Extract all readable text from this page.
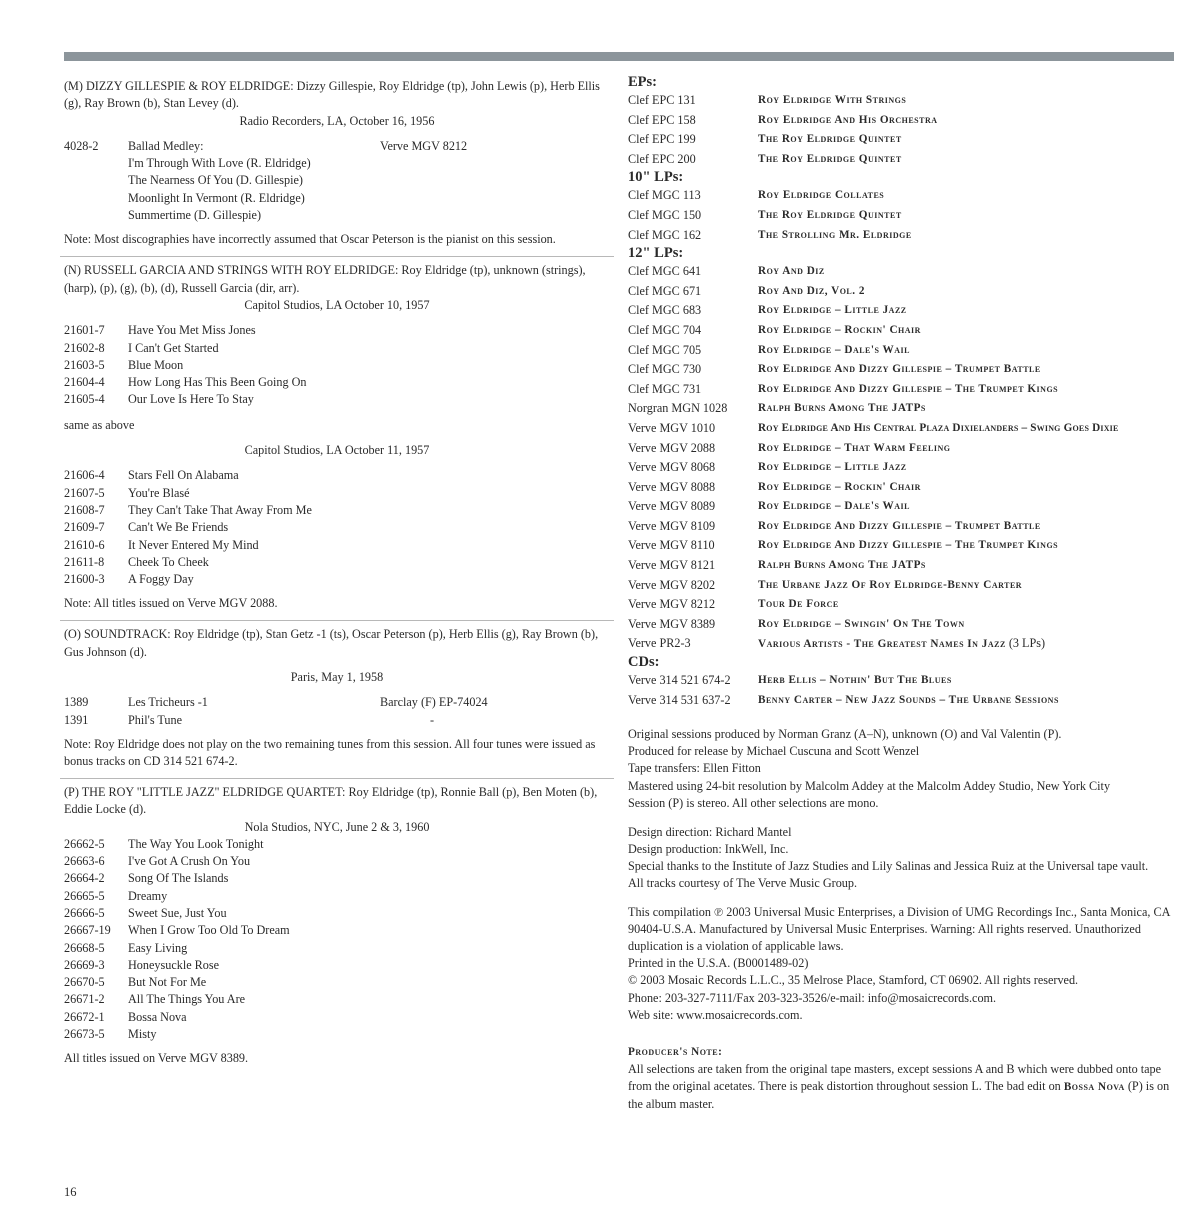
(M) DIZZY GILLESPIE & ROY ELDRIDGE: Dizzy Gillespie, Roy Eldridge (tp), John Lewis (p), Herb Ellis (g), Ray Brown (b), Stan Levey (d).
Radio Recorders, LA, October 16, 1956
4028-2 Ballad Medley:	Verve MGV 8212
I'm Through With Love (R. Eldridge)
The Nearness Of You (D. Gillespie)
Moonlight In Vermont (R. Eldridge)
Summertime (D. Gillespie)
Note: Most discographies have incorrectly assumed that Oscar Peterson is the pianist on this session.
(N) RUSSELL GARCIA AND STRINGS WITH ROY ELDRIDGE: Roy Eldridge (tp), unknown (strings), (harp), (p), (g), (b), (d), Russell Garcia (dir, arr).
Capitol Studios, LA October 10, 1957
21601-7 Have You Met Miss Jones
21602-8 I Can't Get Started
21603-5 Blue Moon
21604-4 How Long Has This Been Going On
21605-4 Our Love Is Here To Stay
same as above
Capitol Studios, LA October 11, 1957
21606-4 Stars Fell On Alabama
21607-5 You're Blasé
21608-7 They Can't Take That Away From Me
21609-7 Can't We Be Friends
21610-6 It Never Entered My Mind
21611-8 Cheek To Cheek
21600-3 A Foggy Day
Note: All titles issued on Verve MGV 2088.
(O) SOUNDTRACK: Roy Eldridge (tp), Stan Getz -1 (ts), Oscar Peterson (p), Herb Ellis (g), Ray Brown (b), Gus Johnson (d).
Paris, May 1, 1958
1389	Les Tricheurs -1	Barclay (F) EP-74024
1391	Phil's Tune	-
Note: Roy Eldridge does not play on the two remaining tunes from this session. All four tunes were issued as bonus tracks on CD 314 521 674-2.
(P) THE ROY "LITTLE JAZZ" ELDRIDGE QUARTET: Roy Eldridge (tp), Ronnie Ball (p), Ben Moten (b), Eddie Locke (d).
Nola Studios, NYC, June 2 & 3, 1960
26662-5 The Way You Look Tonight
26663-6 I've Got A Crush On You
26664-2 Song Of The Islands
26665-5 Dreamy
26666-5 Sweet Sue, Just You
26667-19 When I Grow Too Old To Dream
26668-5 Easy Living
26669-3 Honeysuckle Rose
26670-5 But Not For Me
26671-2 All The Things You Are
26672-1 Bossa Nova
26673-5 Misty
All titles issued on Verve MGV 8389.
EPs:
Clef EPC 131	Roy Eldridge With Strings
Clef EPC 158	Roy Eldridge And His Orchestra
Clef EPC 199	The Roy Eldridge Quintet
Clef EPC 200	The Roy Eldridge Quintet
10" LPs:
Clef MGC 113	Roy Eldridge Collates
Clef MGC 150	The Roy Eldridge Quintet
Clef MGC 162	The Strolling Mr. Eldridge
12" LPs:
Clef MGC 641	Roy And Diz
Clef MGC 671	Roy And Diz, Vol. 2
Clef MGC 683	Roy Eldridge – Little Jazz
Clef MGC 704	Roy Eldridge – Rockin' Chair
Clef MGC 705	Roy Eldridge – Dale's Wail
Clef MGC 730	Roy Eldridge And Dizzy Gillespie – Trumpet Battle
Clef MGC 731	Roy Eldridge And Dizzy Gillespie – The Trumpet Kings
Norgran MGN 1028	Ralph Burns Among The JATPs
Verve MGV 1010	Roy Eldridge And His Central Plaza Dixielanders – Swing Goes Dixie
Verve MGV 2088	Roy Eldridge – That Warm Feeling
Verve MGV 8068	Roy Eldridge – Little Jazz
Verve MGV 8088	Roy Eldridge – Rockin' Chair
Verve MGV 8089	Roy Eldridge – Dale's Wail
Verve MGV 8109	Roy Eldridge And Dizzy Gillespie – Trumpet Battle
Verve MGV 8110	Roy Eldridge And Dizzy Gillespie – The Trumpet Kings
Verve MGV 8121	Ralph Burns Among The JATPs
Verve MGV 8202	The Urbane Jazz Of Roy Eldridge-Benny Carter
Verve MGV 8212	Tour De Force
Verve MGV 8389	Roy Eldridge – Swingin' On The Town
Verve PR2-3	Various Artists - The Greatest Names In Jazz (3 LPs)
CDs:
Verve 314 521 674-2 Herb Ellis – Nothin' But The Blues
Verve 314 531 637-2 Benny Carter – New Jazz Sounds – The Urbane Sessions
Original sessions produced by Norman Granz (A–N), unknown (O) and Val Valentin (P).
Produced for release by Michael Cuscuna and Scott Wenzel
Tape transfers: Ellen Fitton
Mastered using 24-bit resolution by Malcolm Addey at the Malcolm Addey Studio, New York City
Session (P) is stereo. All other selections are mono.
Design direction: Richard Mantel
Design production: InkWell, Inc.
Special thanks to the Institute of Jazz Studies and Lily Salinas and Jessica Ruiz at the Universal tape vault.
All tracks courtesy of The Verve Music Group.
This compilation ℗ 2003 Universal Music Enterprises, a Division of UMG Recordings Inc., Santa Monica, CA 90404-U.S.A. Manufactured by Universal Music Enterprises. Warning: All rights reserved. Unauthorized duplication is a violation of applicable laws.
Printed in the U.S.A. (B0001489-02)
© 2003 Mosaic Records L.L.C., 35 Melrose Place, Stamford, CT 06902. All rights reserved.
Phone: 203-327-7111/Fax 203-323-3526/e-mail: info@mosaicrecords.com.
Web site: www.mosaicrecords.com.
Producer's Note:
All selections are taken from the original tape masters, except sessions A and B which were dubbed onto tape from the original acetates. There is peak distortion throughout session L. The bad edit on Bossa Nova (P) is on the album master.
16
